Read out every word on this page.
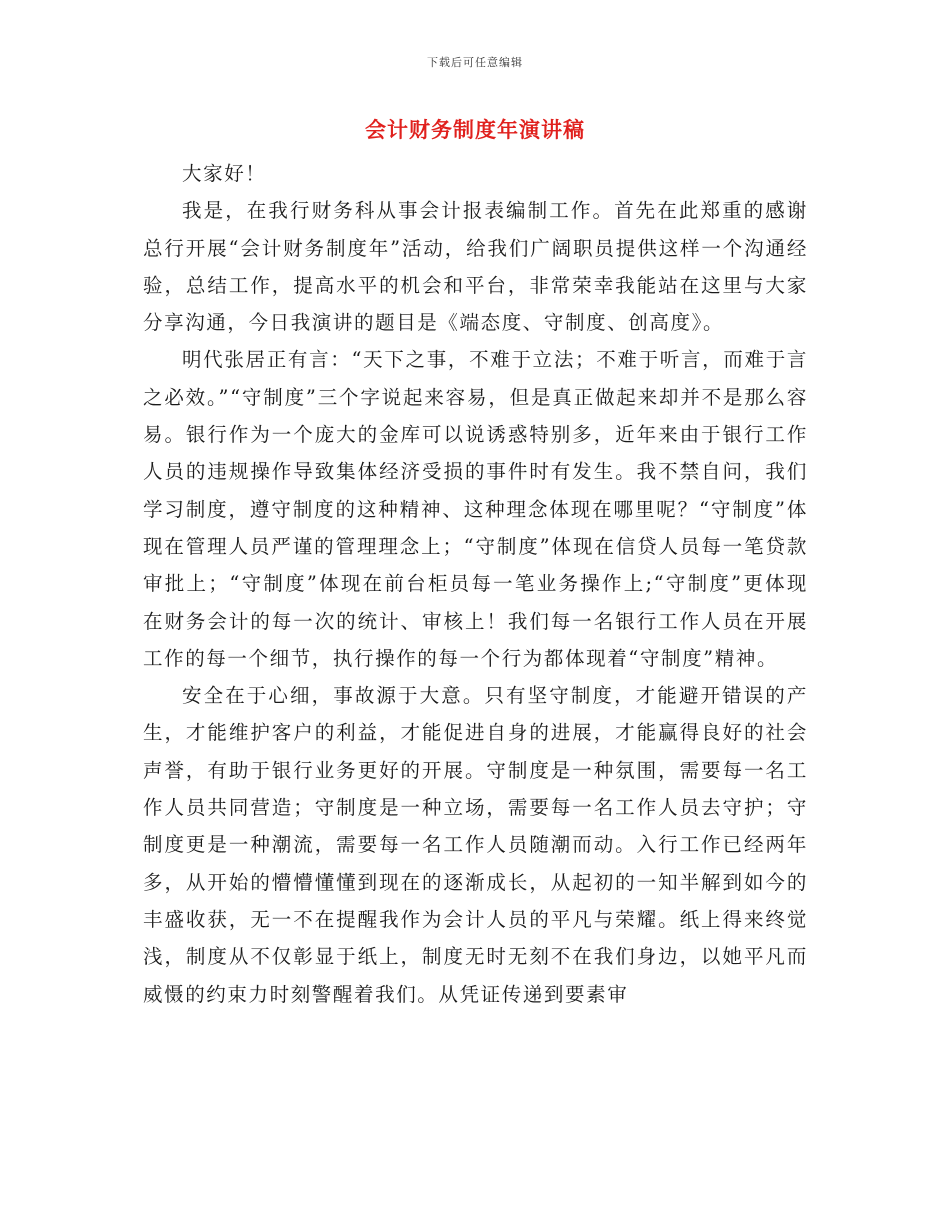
下载后可任意编辑
会计财务制度年演讲稿

大家好！

我是，在我行财务科从事会计报表编制工作。首先在此郑重的感谢总行开展“会计财务制度年”活动，给我们广阔职员提供这样一个沟通经验，总结工作，提高水平的机会和平台，非常荣幸我能站在这里与大家分享沟通，今日我演讲的题目是《端态度、守制度、创高度》。

明代张居正有言：“天下之事，不难于立法；不难于听言，而难于言之必效。”“守制度”三个字说起来容易，但是真正做起来却并不是那么容易。银行作为一个庞大的金库可以说诱惑特别多，近年来由于银行工作人员的违规操作导致集体经济受损的事件时有发生。我不禁自问，我们学习制度，遵守制度的这种精神、这种理念体现在哪里呢？“守制度”体现在管理人员严谨的管理理念上；“守制度”体现在信贷人员每一笔贷款审批上；“守制度”体现在前台柜员每一笔业务操作上;“守制度”更体现在财务会计的每一次的统计、审核上！我们每一名银行工作人员在开展工作的每一个细节，执行操作的每一个行为都体现着“守制度”精神。

安全在于心细，事故源于大意。只有坚守制度，才能避开错误的产生，才能维护客户的利益，才能促进自身的进展，才能赢得良好的社会声誉，有助于银行业务更好的开展。守制度是一种氛围，需要每一名工作人员共同营造；守制度是一种立场，需要每一名工作人员去守护；守制度更是一种潮流，需要每一名工作人员随潮而动。入行工作已经两年多，从开始的懵懵懂懂到现在的逐渐成长，从起初的一知半解到如今的丰盛收获，无一不在提醒我作为会计人员的平凡与荣耀。纸上得来终觉浅，制度从不仅彰显于纸上，制度无时无刻不在我们身边，以她平凡而威慑的约束力时刻警醒着我们。从凭证传递到要素审
